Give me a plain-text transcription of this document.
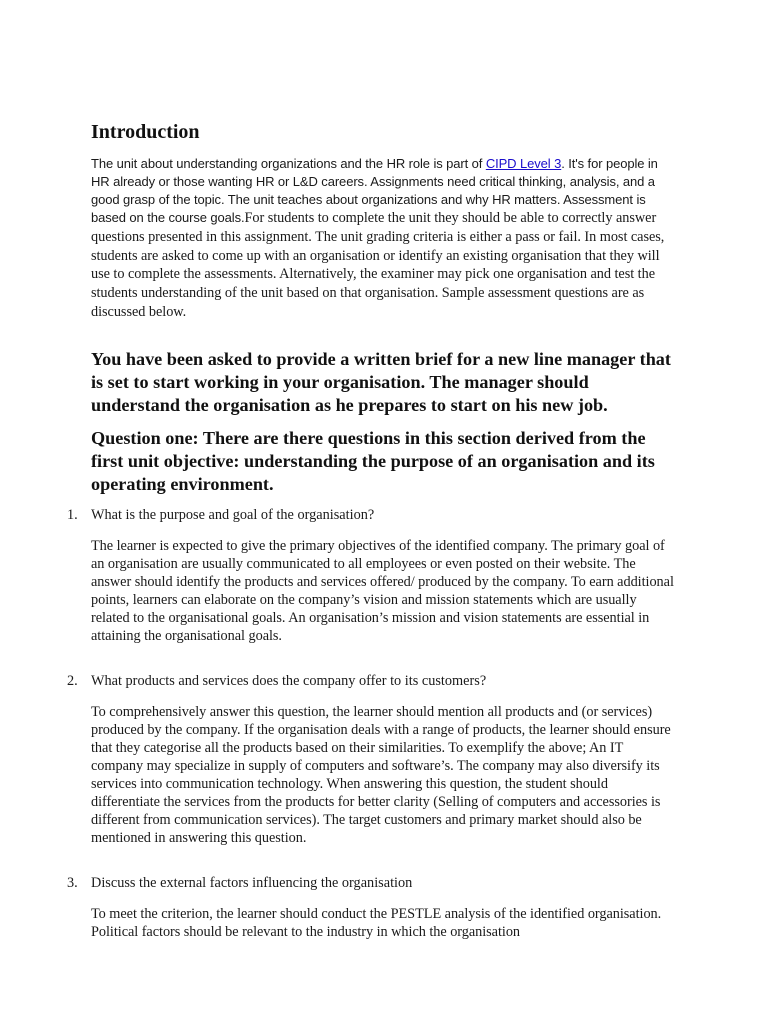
Introduction

The unit about understanding organizations and the HR role is part of CIPD Level 3. It's for people in HR already or those wanting HR or L&D careers. Assignments need critical thinking, analysis, and a good grasp of the topic. The unit teaches about organizations and why HR matters. Assessment is based on the course goals.For students to complete the unit they should be able to correctly answer questions presented in this assignment. The unit grading criteria is either a pass or fail. In most cases, students are asked to come up with an organisation or identify an existing organisation that they will use to complete the assessments. Alternatively, the examiner may pick one organisation and test the students understanding of the unit based on that organisation. Sample assessment questions are as discussed below.

You have been asked to provide a written brief for a new line manager that is set to start working in your organisation. The manager should understand the organisation as he prepares to start on his new job.
Question one: There are there questions in this section derived from the first unit objective: understanding the purpose of an organisation and its operating environment.
1. What is the purpose and goal of the organisation?

The learner is expected to give the primary objectives of the identified company. The primary goal of an organisation are usually communicated to all employees or even posted on their website. The answer should identify the products and services offered/ produced by the company. To earn additional points, learners can elaborate on the company’s vision and mission statements which are usually related to the organisational goals. An organisation’s mission and vision statements are essential in attaining the organisational goals.

2. What products and services does the company offer to its customers?

To comprehensively answer this question, the learner should mention all products and (or services) produced by the company. If the organisation deals with a range of products, the learner should ensure that they categorise all the products based on their similarities. To exemplify the above; An IT company may specialize in supply of computers and software’s. The company may also diversify its services into communication technology. When answering this question, the student should differentiate the services from the products for better clarity (Selling of computers and accessories is different from communication services). The target customers and primary market should also be mentioned in answering this question.

3. Discuss the external factors influencing the organisation

To meet the criterion, the learner should conduct the PESTLE analysis of the identified organisation. Political factors should be relevant to the industry in which the organisation
